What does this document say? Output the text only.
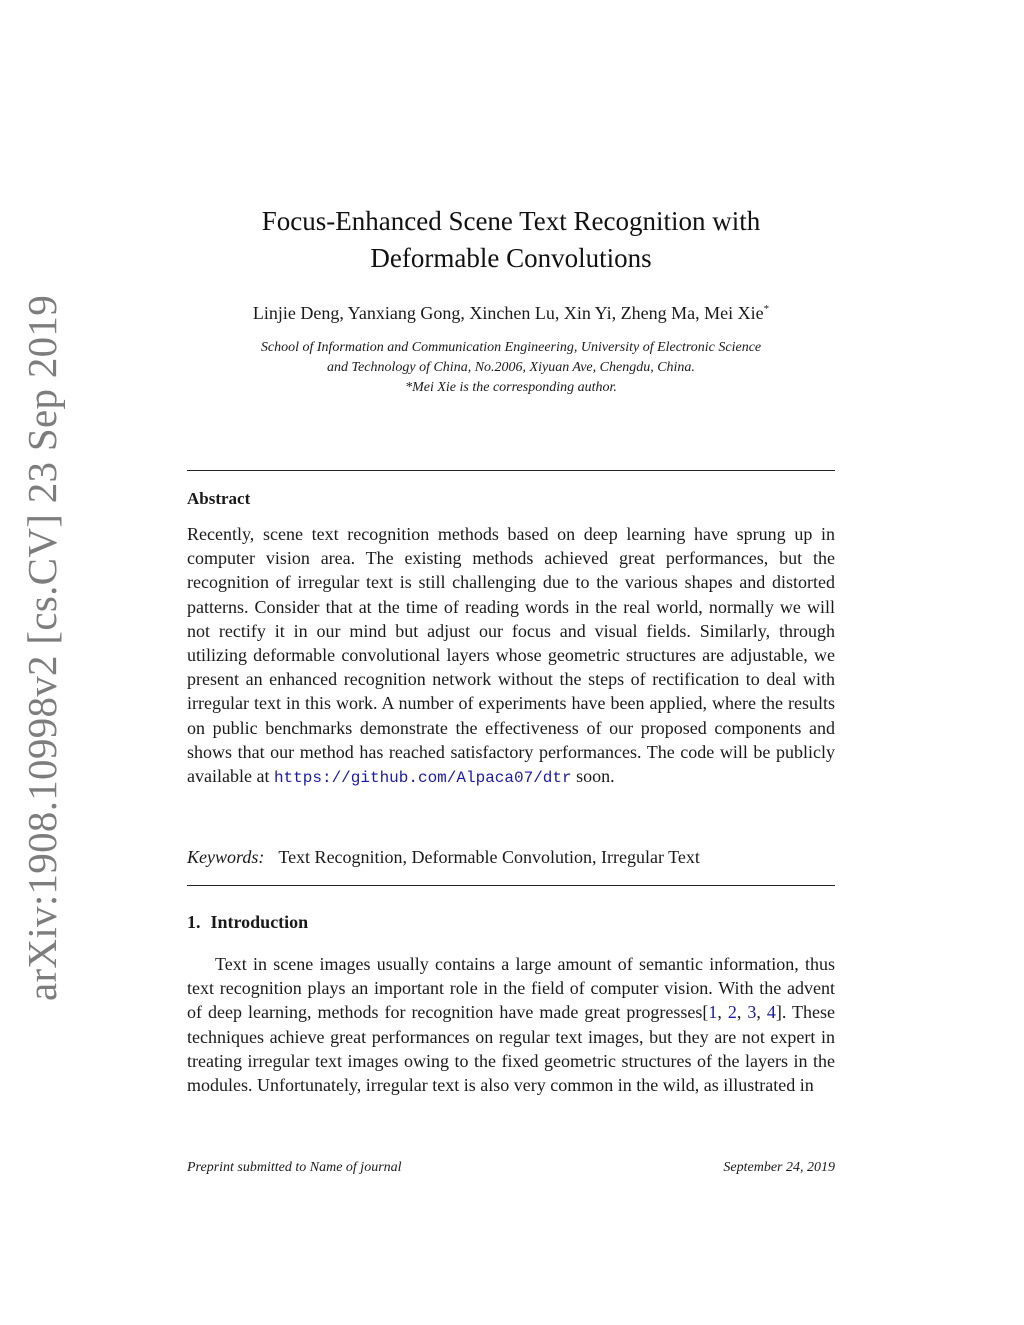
arXiv:1908.10998v2 [cs.CV] 23 Sep 2019
Focus-Enhanced Scene Text Recognition with
Deformable Convolutions
Linjie Deng, Yanxiang Gong, Xinchen Lu, Xin Yi, Zheng Ma, Mei Xie*
School of Information and Communication Engineering, University of Electronic Science
and Technology of China, No.2006, Xiyuan Ave, Chengdu, China.
*Mei Xie is the corresponding author.
Abstract
Recently, scene text recognition methods based on deep learning have sprung up in computer vision area. The existing methods achieved great performances, but the recognition of irregular text is still challenging due to the various shapes and distorted patterns. Consider that at the time of reading words in the real world, normally we will not rectify it in our mind but adjust our focus and visual fields. Similarly, through utilizing deformable convolutional layers whose geometric structures are adjustable, we present an enhanced recognition network without the steps of rectification to deal with irregular text in this work. A number of experiments have been applied, where the results on public benchmarks demonstrate the effectiveness of our proposed components and shows that our method has reached satisfactory performances. The code will be publicly available at https://github.com/Alpaca07/dtr soon.
Keywords: Text Recognition, Deformable Convolution, Irregular Text
1. Introduction

Text in scene images usually contains a large amount of semantic information, thus text recognition plays an important role in the field of computer vision. With the advent of deep learning, methods for recognition have made great progresses[1, 2, 3, 4]. These techniques achieve great performances on regular text images, but they are not expert in treating irregular text images owing to the fixed geometric structures of the layers in the modules. Unfortunately, irregular text is also very common in the wild, as illustrated in

Preprint submitted to Name of journal	September 24, 2019
